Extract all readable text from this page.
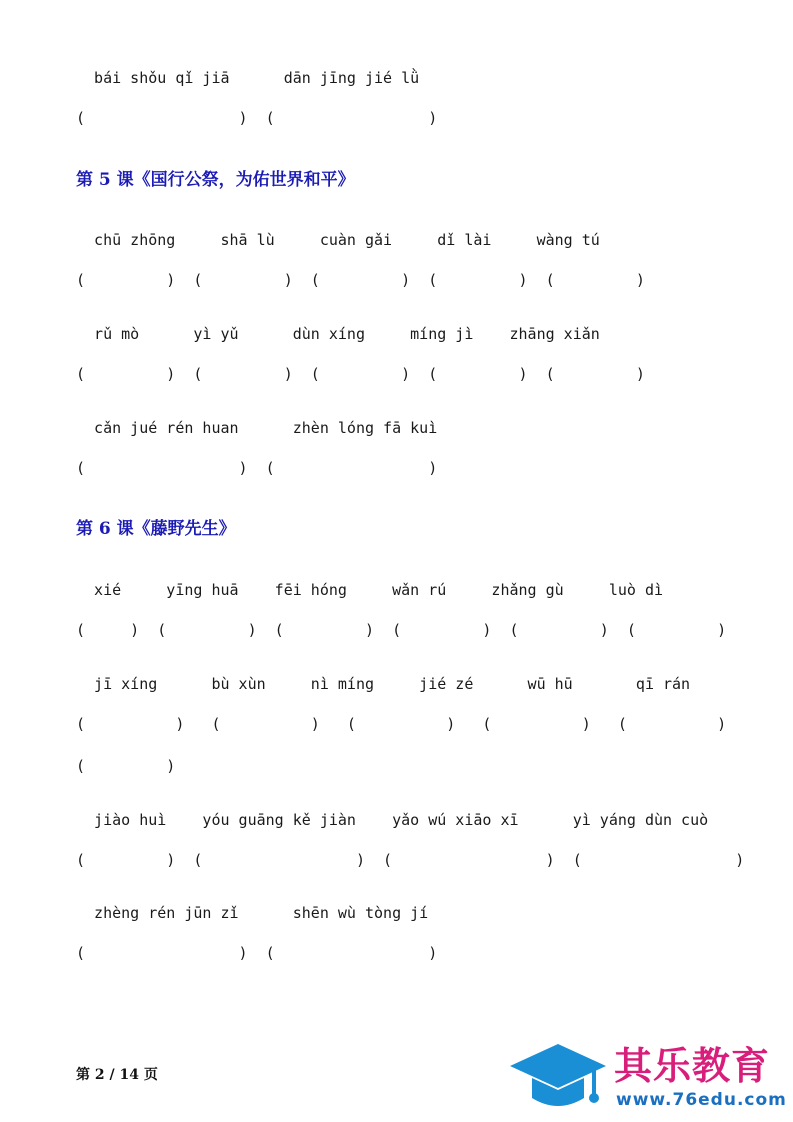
bái shǒu qǐ jiā      dān jīng jié lǜ
(                 )  (                 )
第 5 课《国行公祭，为佑世界和平》
chū zhōng     shā lù     cuàn gǎi     dǐ lài     wàng tú
(         )  (         )  (         )  (         )  (         )
rǔ mò      yì yǔ      dùn xíng     míng jì    zhāng xiǎn
(         )  (         )  (         )  (         )  (         )
cǎn jué rén huan      zhèn lóng fā kuì
(                 )  (                 )
第 6 课《藤野先生》
xié     yīng huā    fēi hóng     wǎn rú     zhǎng gù     luò dì
(     )  (         )  (         )  (         )  (         )  (         )
jī xíng      bù xùn     nì míng     jié zé      wū hū       qī rán
(          )   (          )   (          )   (          )   (          )
(         )
jiào huì    yóu guāng kě jiàn    yǎo wú xiāo xī      yì yáng dùn cuò
(         )  (                 )  (                 )  (                 )
zhèng rén jūn zǐ      shēn wù tòng jí
(                 )  (                 )
第 2 / 14 页	其乐教育
www.76edu.com
